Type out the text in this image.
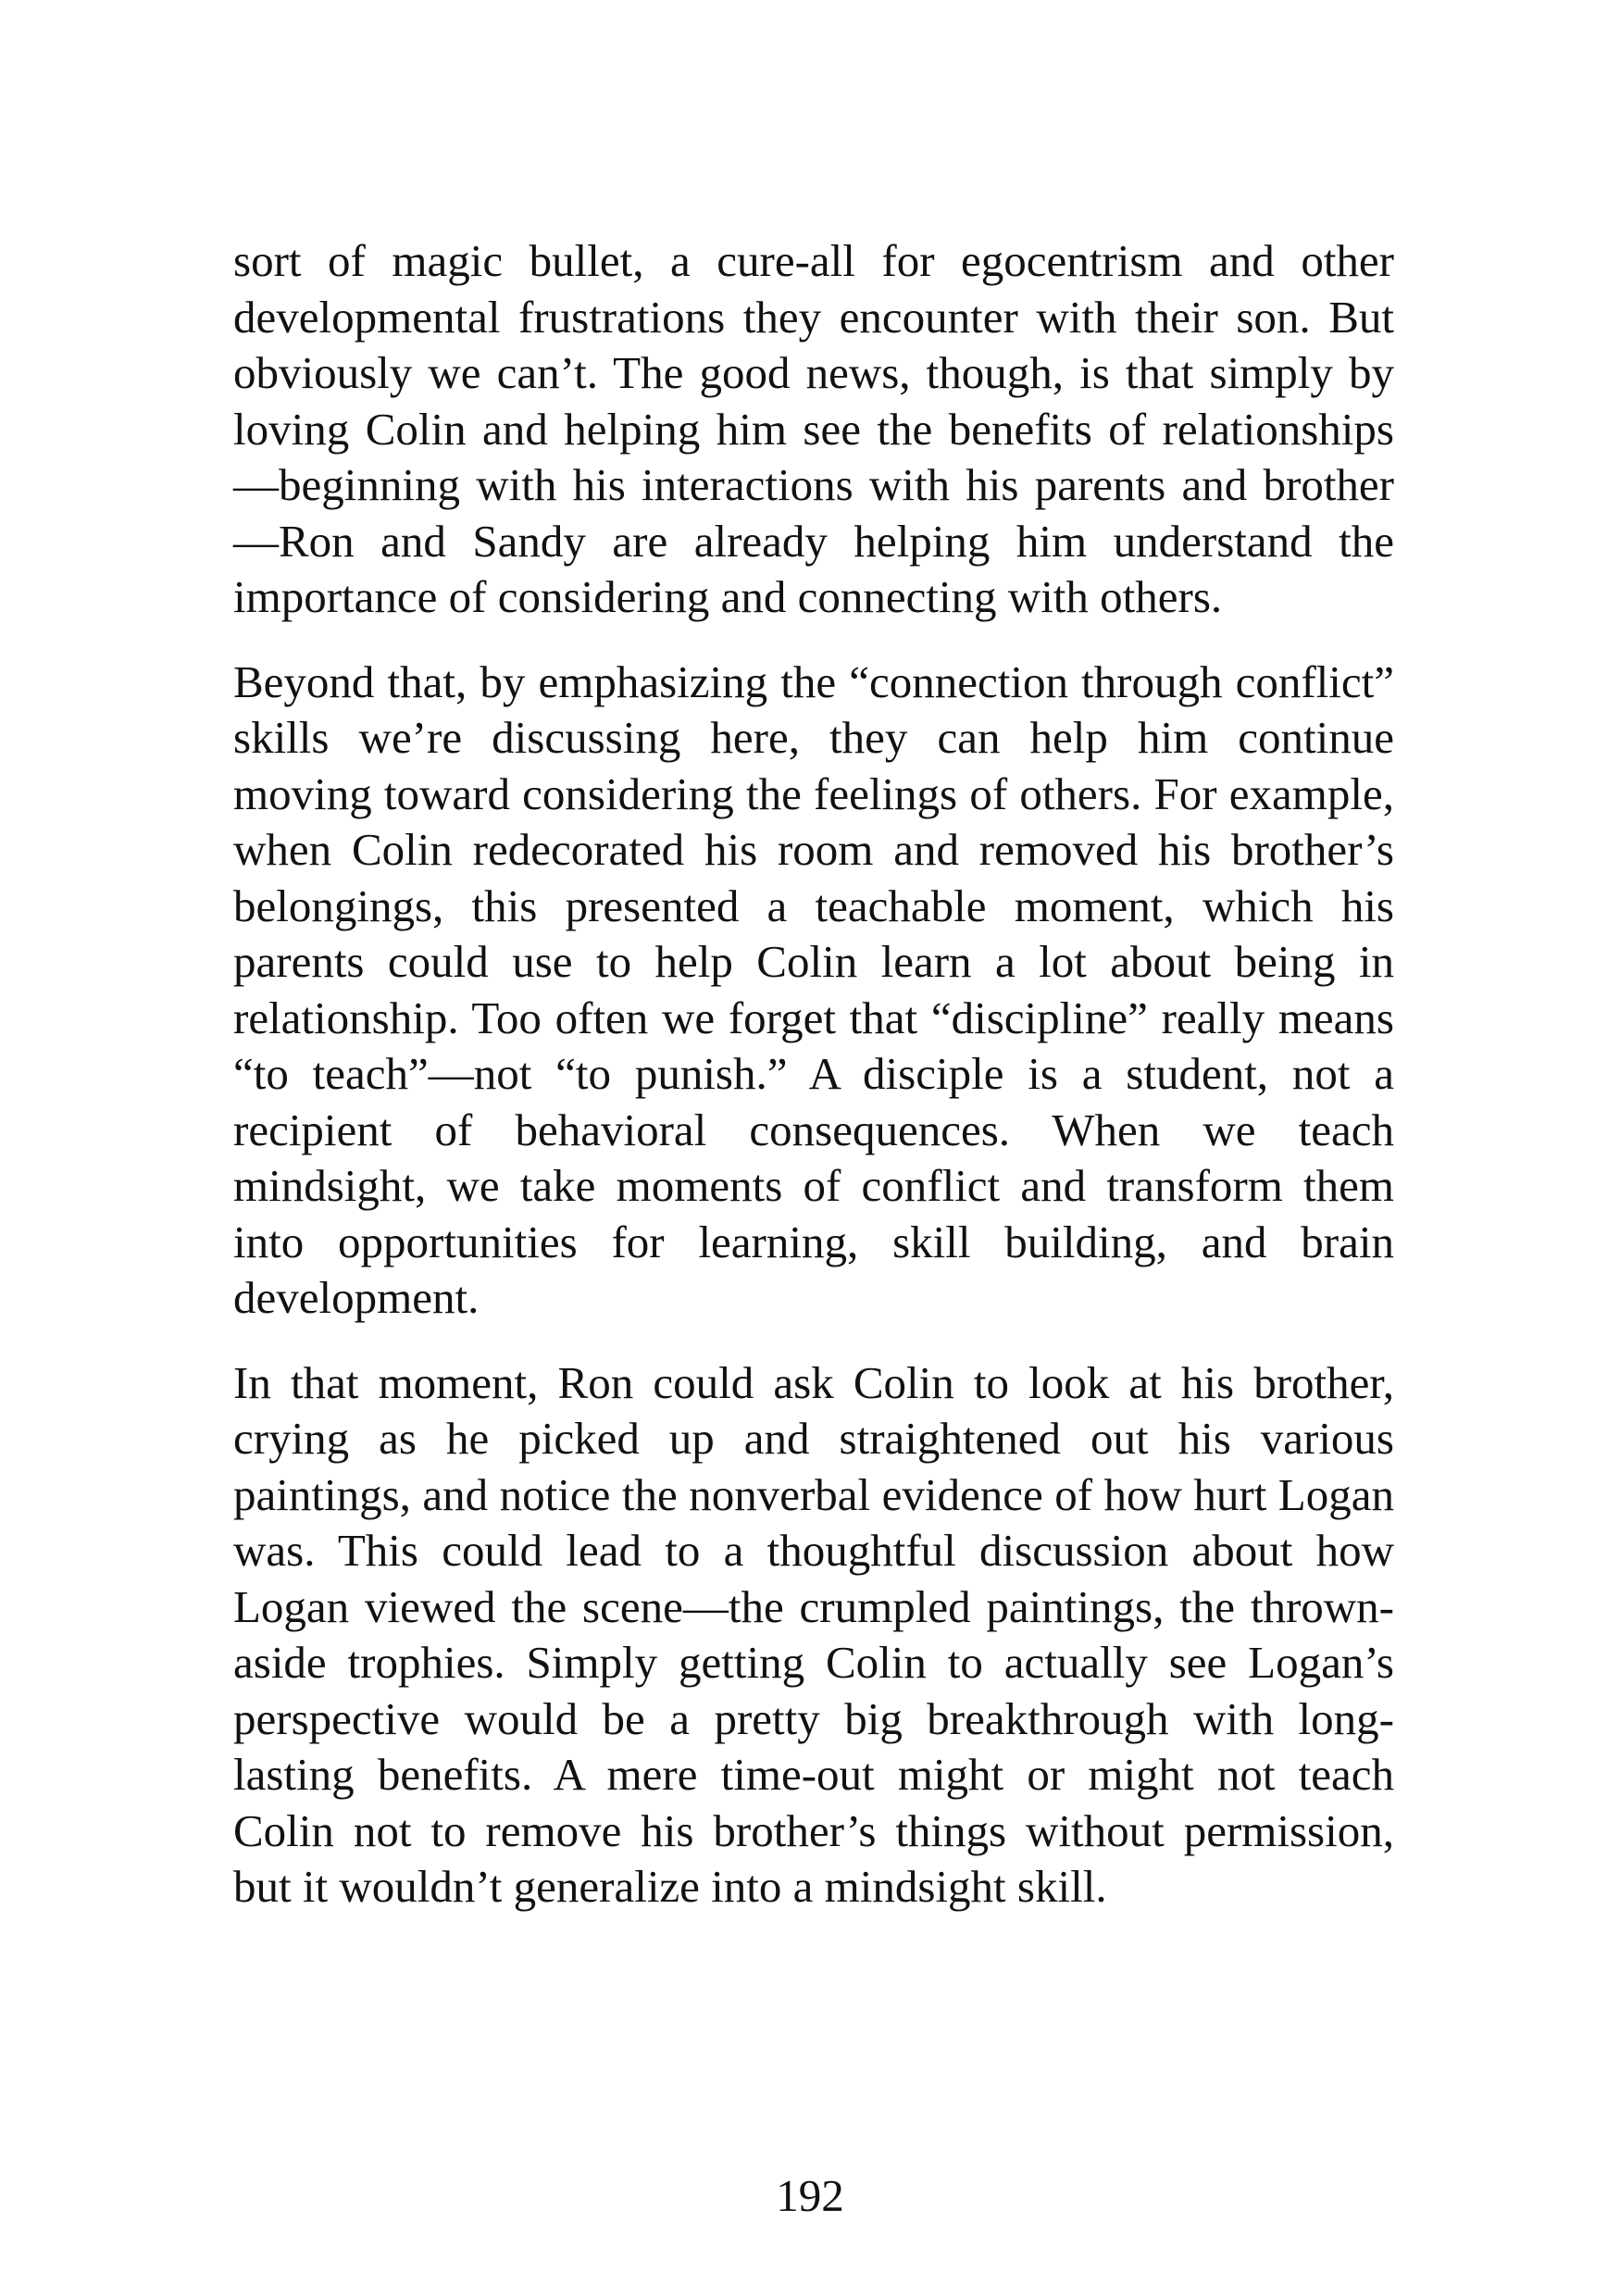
sort of magic bullet, a cure-all for egocentrism and other developmental frustrations they encounter with their son. But obviously we can’t. The good news, though, is that simply by loving Colin and helping him see the benefits of relationships—beginning with his interactions with his parents and brother—Ron and Sandy are already helping him understand the importance of considering and connecting with others.

Beyond that, by emphasizing the “connection through conflict” skills we’re discussing here, they can help him continue moving toward considering the feelings of others. For example, when Colin redecorated his room and removed his brother’s belongings, this presented a teachable moment, which his parents could use to help Colin learn a lot about being in relationship. Too often we forget that “discipline” really means “to teach”—not “to punish.” A disciple is a student, not a recipient of behavioral consequences. When we teach mindsight, we take moments of conflict and transform them into opportunities for learning, skill building, and brain development.

In that moment, Ron could ask Colin to look at his brother, crying as he picked up and straightened out his various paintings, and notice the nonverbal evidence of how hurt Logan was. This could lead to a thoughtful discussion about how Logan viewed the scene—the crumpled paintings, the thrown-aside trophies. Simply getting Colin to actually see Logan’s perspective would be a pretty big breakthrough with long-lasting benefits. A mere time-out might or might not teach Colin not to remove his brother’s things without permission, but it wouldn’t generalize into a mindsight skill.

192
